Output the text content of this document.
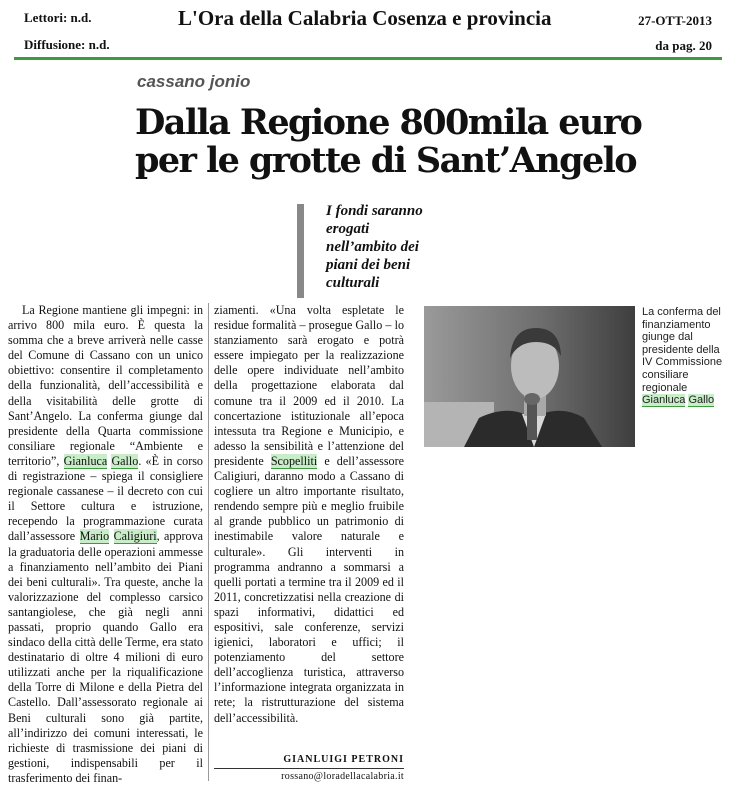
Lettori: n.d.
Diffusione: n.d.
L'Ora della Calabria Cosenza e provincia	27-OTT-2013
da pag. 20
cassano jonio
Dalla Regione 800mila euro
per le grotte di Sant’Angelo
I fondi saranno
erogati
nell’ambito dei
piani dei beni
culturali

La Regione mantiene gli impegni: in arrivo 800 mila euro. È questa la somma che a breve arriverà nelle casse del Comune di Cassano con un unico obiettivo: consentire il completamento della funzionalità, dell’accessibilità e della visitabilità delle grotte di Sant’Angelo. La conferma giunge dal presidente della Quarta commissione consiliare regionale “Ambiente e territorio”, Gianluca Gallo. «È in corso di registrazione – spiega il consigliere regionale cassanese – il decreto con cui il Settore cultura e istruzione, recependo la programmazione curata dall’assessore Mario Caligiuri, approva la graduatoria delle operazioni ammesse a finanziamento nell’ambito dei Piani dei beni culturali». Tra queste, anche la valorizzazione del complesso carsico santangiolese, che già negli anni passati, proprio quando Gallo era sindaco della città delle Terme, era stato destinatario di oltre 4 milioni di euro utilizzati anche per la riqualificazione della Torre di Milone e della Pietra del Castello. Dall’assessorato regionale ai Beni culturali sono già partite, all’indirizzo dei comuni interessati, le richieste di trasmissione dei piani di gestioni, indispensabili per il trasferimento dei finan-

ziamenti. «Una volta espletate le residue formalità – prosegue Gallo – lo stanziamento sarà erogato e potrà essere impiegato per la realizzazione delle opere individuate nell’ambito della progettazione elaborata dal comune tra il 2009 ed il 2010. La concertazione istituzionale all’epoca intessuta tra Regione e Municipio, e adesso la sensibilità e l’attenzione del presidente Scopelliti e dell’assessore Caligiuri, daranno modo a Cassano di cogliere un altro importante risultato, rendendo sempre più e meglio fruibile al grande pubblico un patrimonio di inestimabile valore naturale e culturale». Gli interventi in programma andranno a sommarsi a quelli portati a termine tra il 2009 ed il 2011, concretizzatisi nella creazione di spazi informativi, didattici ed espositivi, sale conferenze, servizi igienici, laboratori e uffici; il potenziamento del settore dell’accoglienza turistica, attraverso l’informazione integrata organizzata in rete; la ristrutturazione del sistema dell’accessibilità.

GIANLUIGI PETRONI
rossano@loradellacalabria.it
La conferma del finanziamento giunge dal presidente della IV Commissione consiliare regionale Gianluca Gallo
